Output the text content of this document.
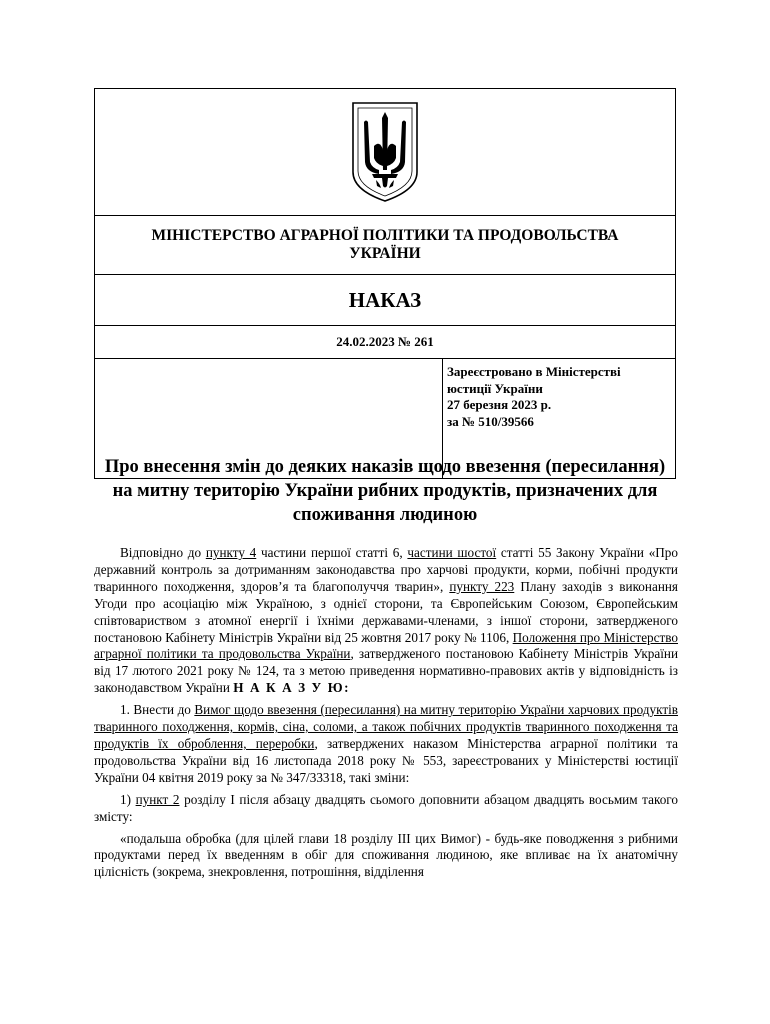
МІНІСТЕРСТВО АГРАРНОЇ ПОЛІТИКИ ТА ПРОДОВОЛЬСТВА УКРАЇНИ
НАКАЗ
24.02.2023 № 261
Зареєстровано в Міністерстві
юстиції України
27 березня 2023 р.
за № 510/39566
Про внесення змін до деяких наказів щодо ввезення (пересилання) на митну територію України рибних продуктів, призначених для споживання людиною

Відповідно до пункту 4 частини першої статті 6, частини шостої статті 55 Закону України «Про державний контроль за дотриманням законодавства про харчові продукти, корми, побічні продукти тваринного походження, здоров’я та благополуччя тварин», пункту 223 Плану заходів з виконання Угоди про асоціацію між Україною, з однієї сторони, та Європейським Союзом, Європейським співтовариством з атомної енергії і їхніми державами-членами, з іншої сторони, затвердженого постановою Кабінету Міністрів України від 25 жовтня 2017 року № 1106, Положення про Міністерство аграрної політики та продовольства України, затвердженого постановою Кабінету Міністрів України від 17 лютого 2021 року № 124, та з метою приведення нормативно-правових актів у відповідність із законодавством України Н А К А З У Ю:

1. Внести до Вимог щодо ввезення (пересилання) на митну територію України харчових продуктів тваринного походження, кормів, сіна, соломи, а також побічних продуктів тваринного походження та продуктів їх оброблення, переробки, затверджених наказом Міністерства аграрної політики та продовольства України від 16 листопада 2018 року № 553, зареєстрованих у Міністерстві юстиції України 04 квітня 2019 року за № 347/33318, такі зміни:

1) пункт 2 розділу I після абзацу двадцять сьомого доповнити абзацом двадцять восьмим такого змісту:

«подальша обробка (для цілей глави 18 розділу III цих Вимог) - будь-яке поводження з рибними продуктами перед їх введенням в обіг для споживання людиною, яке впливає на їх анатомічну цілісність (зокрема, знекровлення, потрошіння, відділення
